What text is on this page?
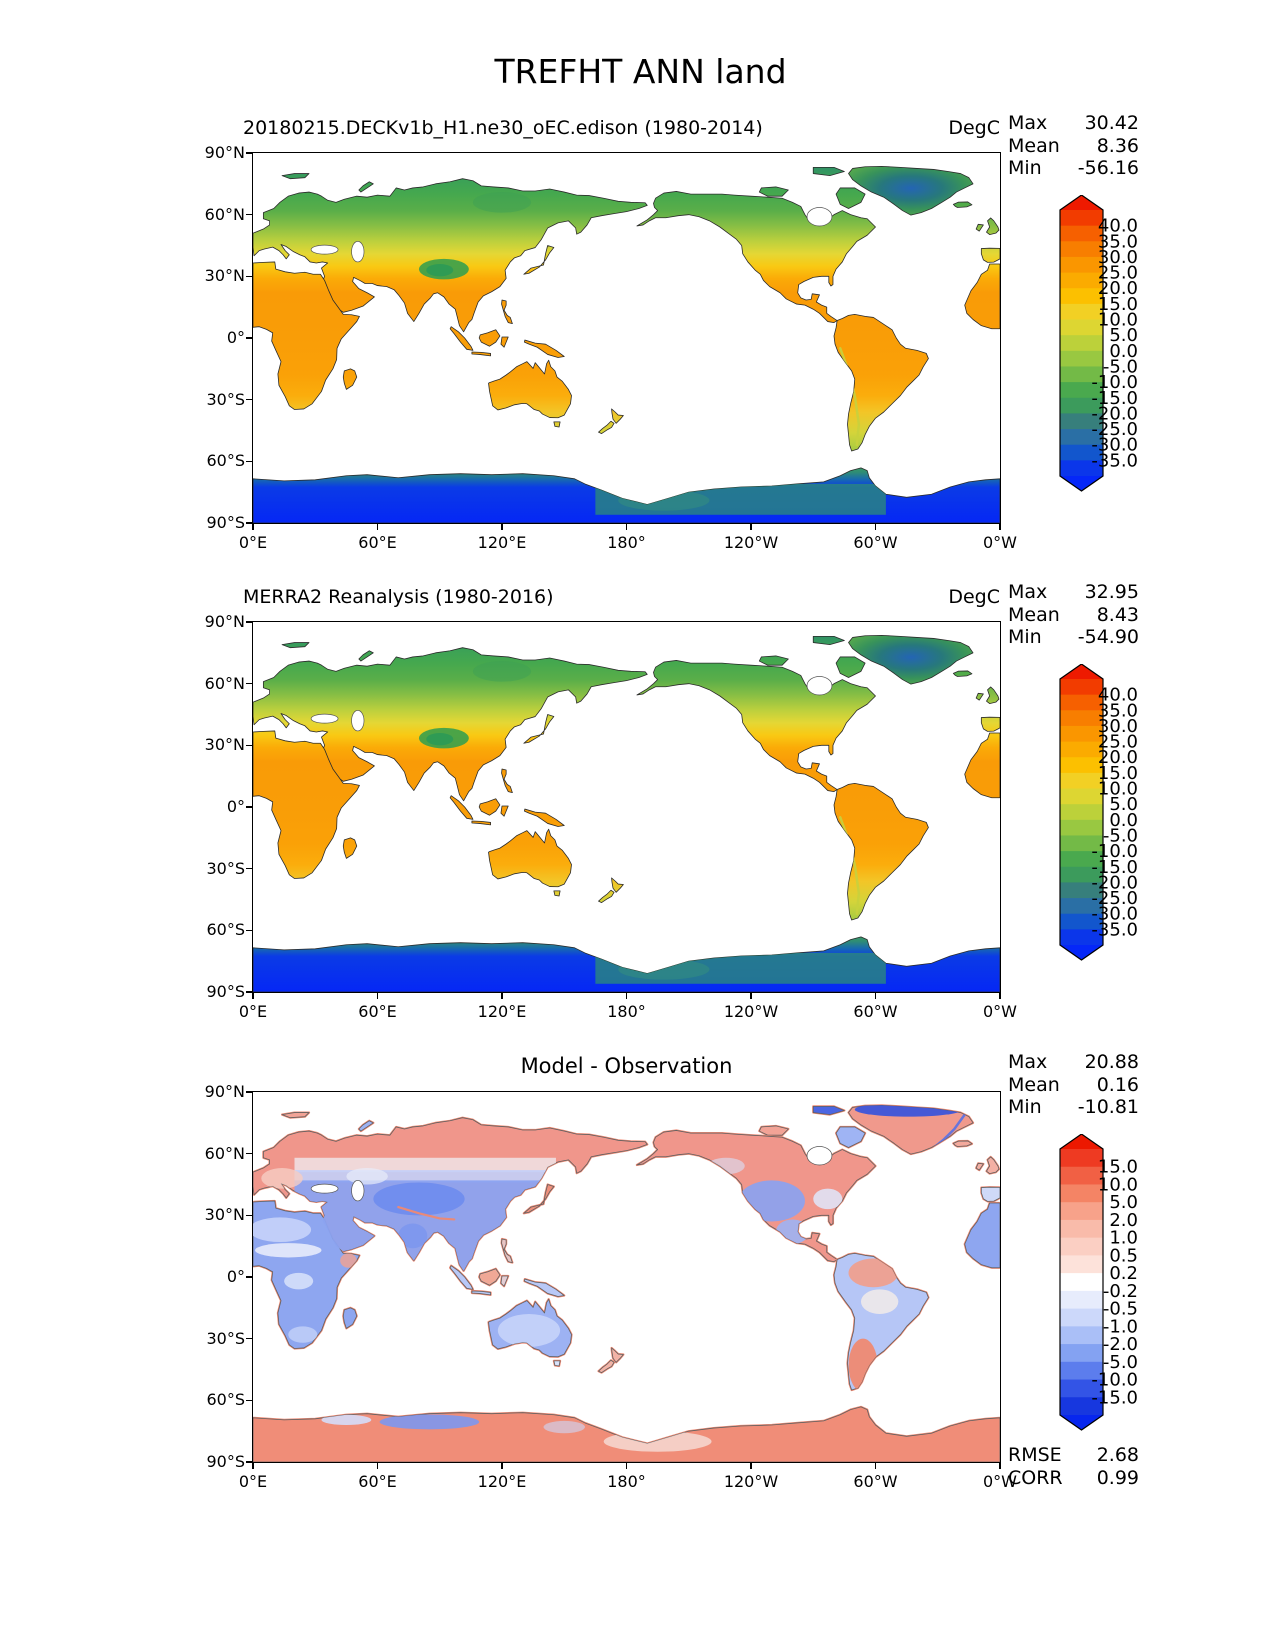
TREFHT ANN land
20180215.DECKv1b_H1.ne30_oEC.edison (1980-2014)	DegC Max 30.42
Mean 8.36
Min -56.16
40.0
35.0
30.0
25.0
20.0
15.0
10.0
5.0
0.0
-5.0
-10.0
-15.0
-20.0
-25.0
-30.0
-35.0
0°E	60°E	120°E	180°	120°W	60°W	0°W
90°N
60°N
30°N
0°
30°S
60°S
90°S
MERRA2 Reanalysis (1980-2016)	DegC Max 32.95
Mean 8.43
Min -54.90
40.0
35.0
30.0
25.0
20.0
15.0
10.0
5.0
0.0
-5.0
-10.0
-15.0
-20.0
-25.0
-30.0
-35.0
0°E	60°E	120°E	180°	120°W	60°W	0°W
90°N
60°N
30°N
0°
30°S
60°S
90°S
Model - Observation	Max 20.88
Mean 0.16
Min -10.81
RMSE 2.68
CORR 0.99
15.0
10.0
5.0
2.0
1.0
0.5
0.2
-0.2
-0.5
-1.0
-2.0
-5.0
-10.0
-15.0
0°E	60°E	120°E	180°	120°W	60°W	0°W
90°N
60°N
30°N
0°
30°S
60°S
90°S
